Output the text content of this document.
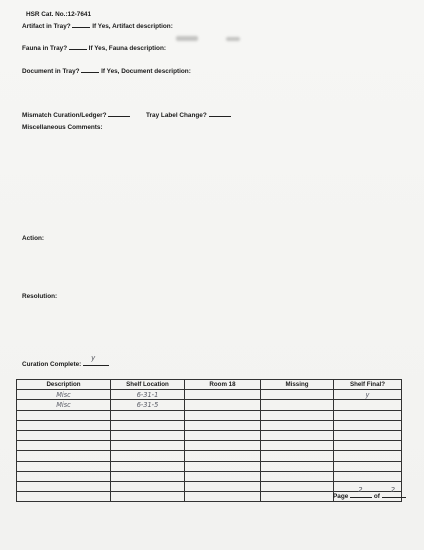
HSR Cat. No.:12-7641
Artifact in Tray?	If Yes, Artifact description:
Fauna in Tray?	If Yes, Fauna description:
Document in Tray?	If Yes, Document description:
Mismatch Curation/Ledger?	Tray Label Change?
Miscellaneous Comments:
Action:
Resolution:
Curation Complete:
y
Description	Shelf Location	Room 18	Missing	Shelf Final?
Misc	6-31-1			y
Misc	6-31-5			

Page
2
of
2
